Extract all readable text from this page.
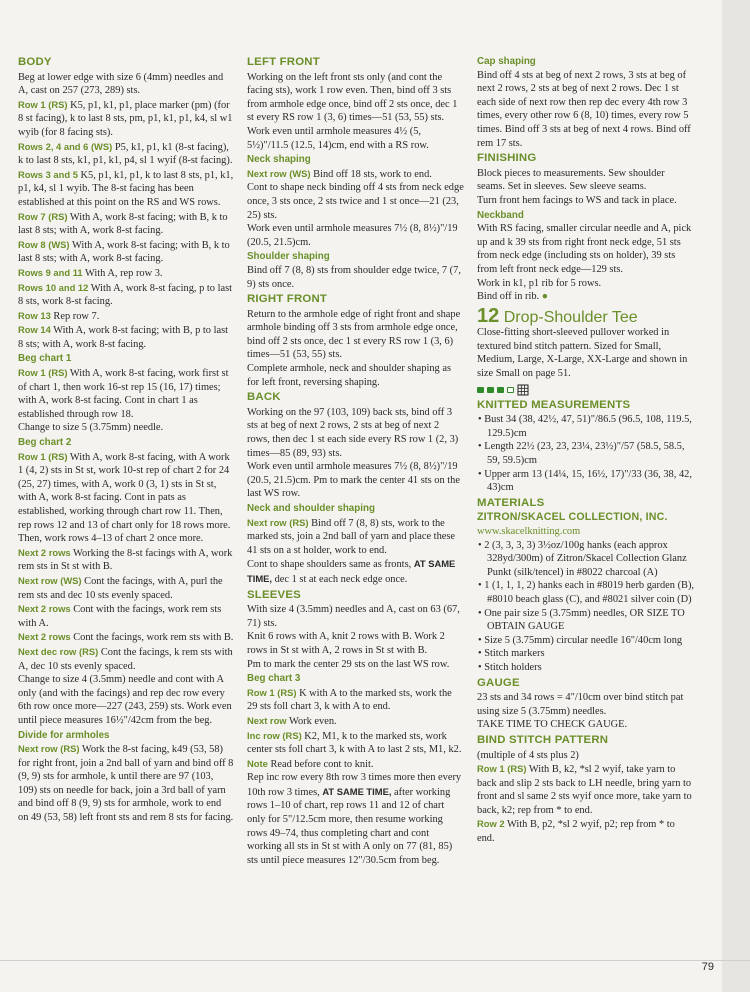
BODY

Beg at lower edge with size 6 (4mm) needles and A, cast on 257 (273, 289) sts.

Row 1 (RS) K5, p1, k1, p1, place marker (pm) (for 8 st facing), k to last 8 sts, pm, p1, k1, p1, k4, sl w1 wyib (for 8 facing sts).

Rows 2, 4 and 6 (WS) P5, k1, p1, k1 (8-st facing), k to last 8 sts, k1, p1, k1, p4, sl 1 wyif (8-st facing).

Rows 3 and 5 K5, p1, k1, p1, k to last 8 sts, p1, k1, p1, k4, sl 1 wyib. The 8-st facing has been established at this point on the RS and WS rows.

Row 7 (RS) With A, work 8-st facing; with B, k to last 8 sts; with A, work 8-st facing.

Row 8 (WS) With A, work 8-st facing; with B, k to last 8 sts; with A, work 8-st facing.

Rows 9 and 11 With A, rep row 3.

Rows 10 and 12 With A, work 8-st facing, p to last 8 sts, work 8-st facing.

Row 13 Rep row 7.

Row 14 With A, work 8-st facing; with B, p to last 8 sts; with A, work 8-st facing.

Beg chart 1

Row 1 (RS) With A, work 8-st facing, work first st of chart 1, then work 16-st rep 15 (16, 17) times; with A, work 8-st facing. Cont in chart 1 as established through row 18.

Change to size 5 (3.75mm) needle.

Beg chart 2

Row 1 (RS) With A, work 8-st facing, with A work 1 (4, 2) sts in St st, work 10-st rep of chart 2 for 24 (25, 27) times, with A, work 0 (3, 1) sts in St st, with A, work 8-st facing. Cont in pats as established, working through chart row 11. Then, rep rows 12 and 13 of chart only for 18 rows more. Then, work rows 4–13 of chart 2 once more.

Next 2 rows Working the 8-st facings with A, work rem sts in St st with B.

Next row (WS) Cont the facings, with A, purl the rem sts and dec 10 sts evenly spaced.

Next 2 rows Cont with the facings, work rem sts with A.

Next 2 rows Cont the facings, work rem sts with B.

Next dec row (RS) Cont the facings, k rem sts with A, dec 10 sts evenly spaced.

Change to size 4 (3.5mm) needle and cont with A only (and with the facings) and rep dec row every 6th row once more—227 (243, 259) sts. Work even until piece measures 16½"/42cm from the beg.

Divide for armholes

Next row (RS) Work the 8-st facing, k49 (53, 58) for right front, join a 2nd ball of yarn and bind off 8 (9, 9) sts for armhole, k until there are 97 (103, 109) sts on needle for back, join a 3rd ball of yarn and bind off 8 (9, 9) sts for armhole, work to end on 49 (53, 58) left front sts and rem 8 sts for facing.

LEFT FRONT

Working on the left front sts only (and cont the facing sts), work 1 row even. Then, bind off 3 sts from armhole edge once, bind off 2 sts once, dec 1 st every RS row 1 (3, 6) times—51 (53, 55) sts. Work even until armhole measures 4½ (5, 5½)"/11.5 (12.5, 14)cm, end with a RS row.

Neck shaping

Next row (WS) Bind off 18 sts, work to end.

Cont to shape neck binding off 4 sts from neck edge once, 3 sts once, 2 sts twice and 1 st once—21 (23, 25) sts.

Work even until armhole measures 7½ (8, 8½)"/19 (20.5, 21.5)cm.

Shoulder shaping

Bind off 7 (8, 8) sts from shoulder edge twice, 7 (7, 9) sts once.

RIGHT FRONT

Return to the armhole edge of right front and shape armhole binding off 3 sts from armhole edge once, bind off 2 sts once, dec 1 st every RS row 1 (3, 6) times—51 (53, 55) sts.

Complete armhole, neck and shoulder shaping as for left front, reversing shaping.

BACK

Working on the 97 (103, 109) back sts, bind off 3 sts at beg of next 2 rows, 2 sts at beg of next 2 rows, then dec 1 st each side every RS row 1 (2, 3) times—85 (89, 93) sts.

Work even until armhole measures 7½ (8, 8½)"/19 (20.5, 21.5)cm. Pm to mark the center 41 sts on the last WS row.

Neck and shoulder shaping

Next row (RS) Bind off 7 (8, 8) sts, work to the marked sts, join a 2nd ball of yarn and place these 41 sts on a st holder, work to end.

Cont to shape shoulders same as fronts, AT SAME TIME, dec 1 st at each neck edge once.

SLEEVES

With size 4 (3.5mm) needles and A, cast on 63 (67, 71) sts.

Knit 6 rows with A, knit 2 rows with B. Work 2 rows in St st with A, 2 rows in St st with B.

Pm to mark the center 29 sts on the last WS row.

Beg chart 3

Row 1 (RS) K with A to the marked sts, work the 29 sts foll chart 3, k with A to end.

Next row Work even.

Inc row (RS) K2, M1, k to the marked sts, work center sts foll chart 3, k with A to last 2 sts, M1, k2.

Note Read before cont to knit.

Rep inc row every 8th row 3 times more then every 10th row 3 times, AT SAME TIME, after working rows 1–10 of chart, rep rows 11 and 12 of chart only for 5"/12.5cm more, then resume working rows 49–74, thus completing chart and cont working all sts in St st with A only on 77 (81, 85) sts until piece measures 12"/30.5cm from beg.

Cap shaping

Bind off 4 sts at beg of next 2 rows, 3 sts at beg of next 2 rows, 2 sts at beg of next 2 rows. Dec 1 st each side of next row then rep dec every 4th row 3 times, every other row 6 (8, 10) times, every row 5 times. Bind off 3 sts at beg of next 4 rows. Bind off rem 17 sts.

FINISHING

Block pieces to measurements. Sew shoulder seams. Set in sleeves. Sew sleeve seams.

Turn front hem facings to WS and tack in place.

Neckband

With RS facing, smaller circular needle and A, pick up and k 39 sts from right front neck edge, 51 sts from neck edge (including sts on holder), 39 sts from left front neck edge—129 sts.

Work in k1, p1 rib for 5 rows.

Bind off in rib. ●

12 Drop-Shoulder Tee

Close-fitting short-sleeved pullover worked in textured bind stitch pattern. Sized for Small, Medium, Large, X-Large, XX-Large and shown in size Small on page 51.

KNITTED MEASUREMENTS
• Bust 34 (38, 42½, 47, 51)"/86.5 (96.5, 108, 119.5, 129.5)cm
• Length 22½ (23, 23, 23¼, 23½)"/57 (58.5, 58.5, 59, 59.5)cm
• Upper arm 13 (14¼, 15, 16½, 17)"/33 (36, 38, 42, 43)cm
MATERIALS
ZITRON/SKACEL COLLECTION, INC.

www.skacelknitting.com

• 2 (3, 3, 3, 3) 3½oz/100g hanks (each approx 328yd/300m) of Zitron/Skacel Collection Glanz Punkt (silk/tencel) in #8022 charcoal (A)
• 1 (1, 1, 1, 2) hanks each in #8019 herb garden (B), #8010 beach glass (C), and #8021 silver coin (D)
• One pair size 5 (3.75mm) needles, OR SIZE TO OBTAIN GAUGE
• Size 5 (3.75mm) circular needle 16"/40cm long
• Stitch markers
• Stitch holders
GAUGE

23 sts and 34 rows = 4"/10cm over bind stitch pat using size 5 (3.75mm) needles.

TAKE TIME TO CHECK GAUGE.

BIND STITCH PATTERN

(multiple of 4 sts plus 2)

Row 1 (RS) With B, k2, *sl 2 wyif, take yarn to back and slip 2 sts back to LH needle, bring yarn to front and sl same 2 sts wyif once more, take yarn to back, k2; rep from * to end.

Row 2 With B, p2, *sl 2 wyif, p2; rep from * to end.

79
